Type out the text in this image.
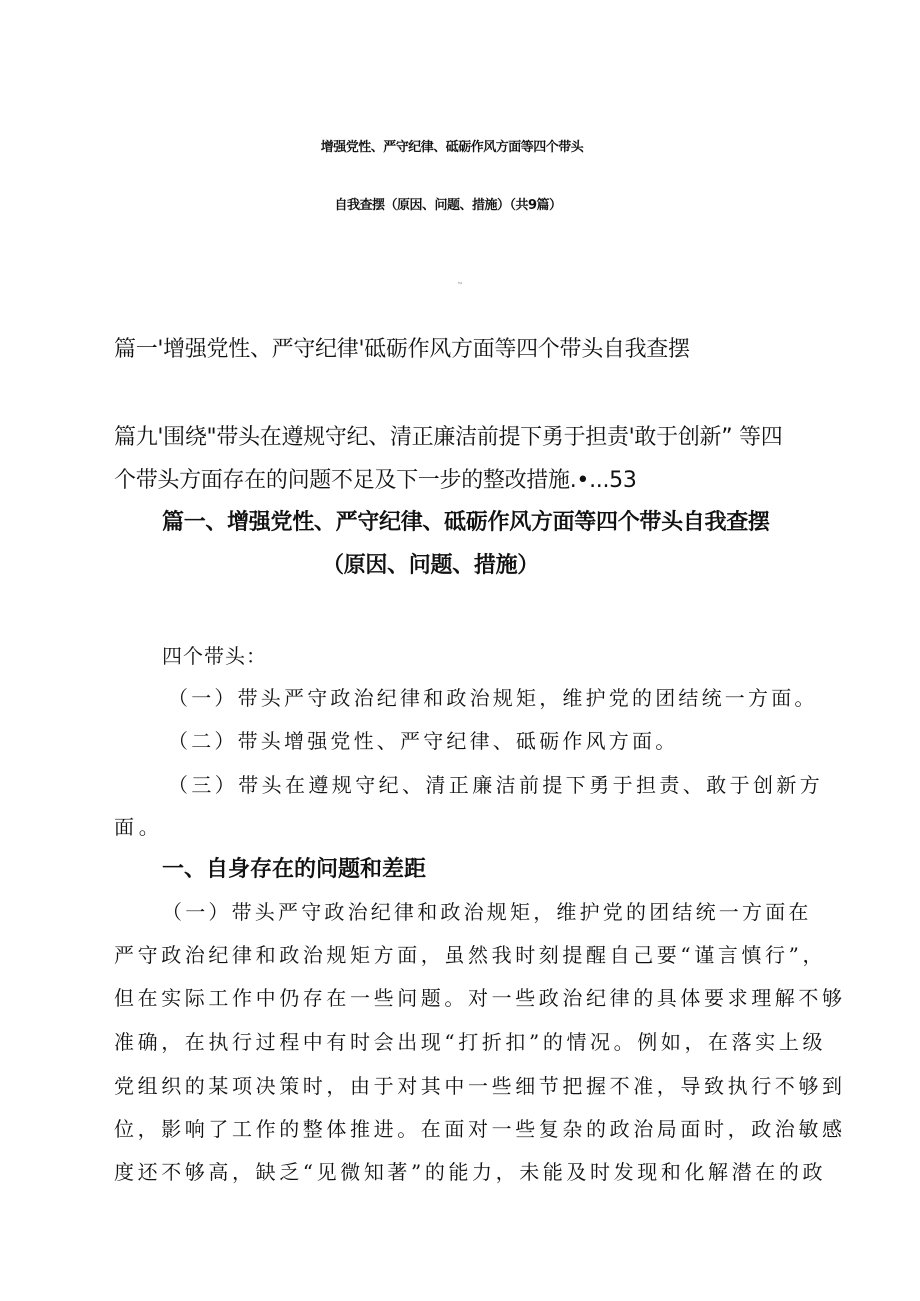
增强党性、严守纪律、砥砺作风方面等四个带头
自我查摆（原因、问题、措施）（共9篇）
目录
篇一'增强党性、严守纪律'砥砺作风方面等四个带头自我查摆
篇九'围绕"带头在遵规守纪、清正廉洁前提下勇于担责'敢于创新” 等四
个带头方面存在的问题不足及下一步的整改措施.•...53
篇一、增强党性、严守纪律、砥砺作风方面等四个带头自我查摆
（原因、问题、措施）

四个带头：

（一）带头严守政治纪律和政治规矩，维护党的团结统一方面。

（二）带头增强党性、严守纪律、砥砺作风方面。

（三）带头在遵规守纪、清正廉洁前提下勇于担责、敢于创新方

面。

一、自身存在的问题和差距

（一）带头严守政治纪律和政治规矩，维护党的团结统一方面在

严守政治纪律和政治规矩方面，虽然我时刻提醒自己要“谨言慎行”，

但在实际工作中仍存在一些问题。对一些政治纪律的具体要求理解不够

准确，在执行过程中有时会出现“打折扣”的情况。例如，在落实上级

党组织的某项决策时，由于对其中一些细节把握不准，导致执行不够到

位，影响了工作的整体推进。在面对一些复杂的政治局面时，政治敏感

度还不够高，缺乏“见微知著”的能力，未能及时发现和化解潜在的政
